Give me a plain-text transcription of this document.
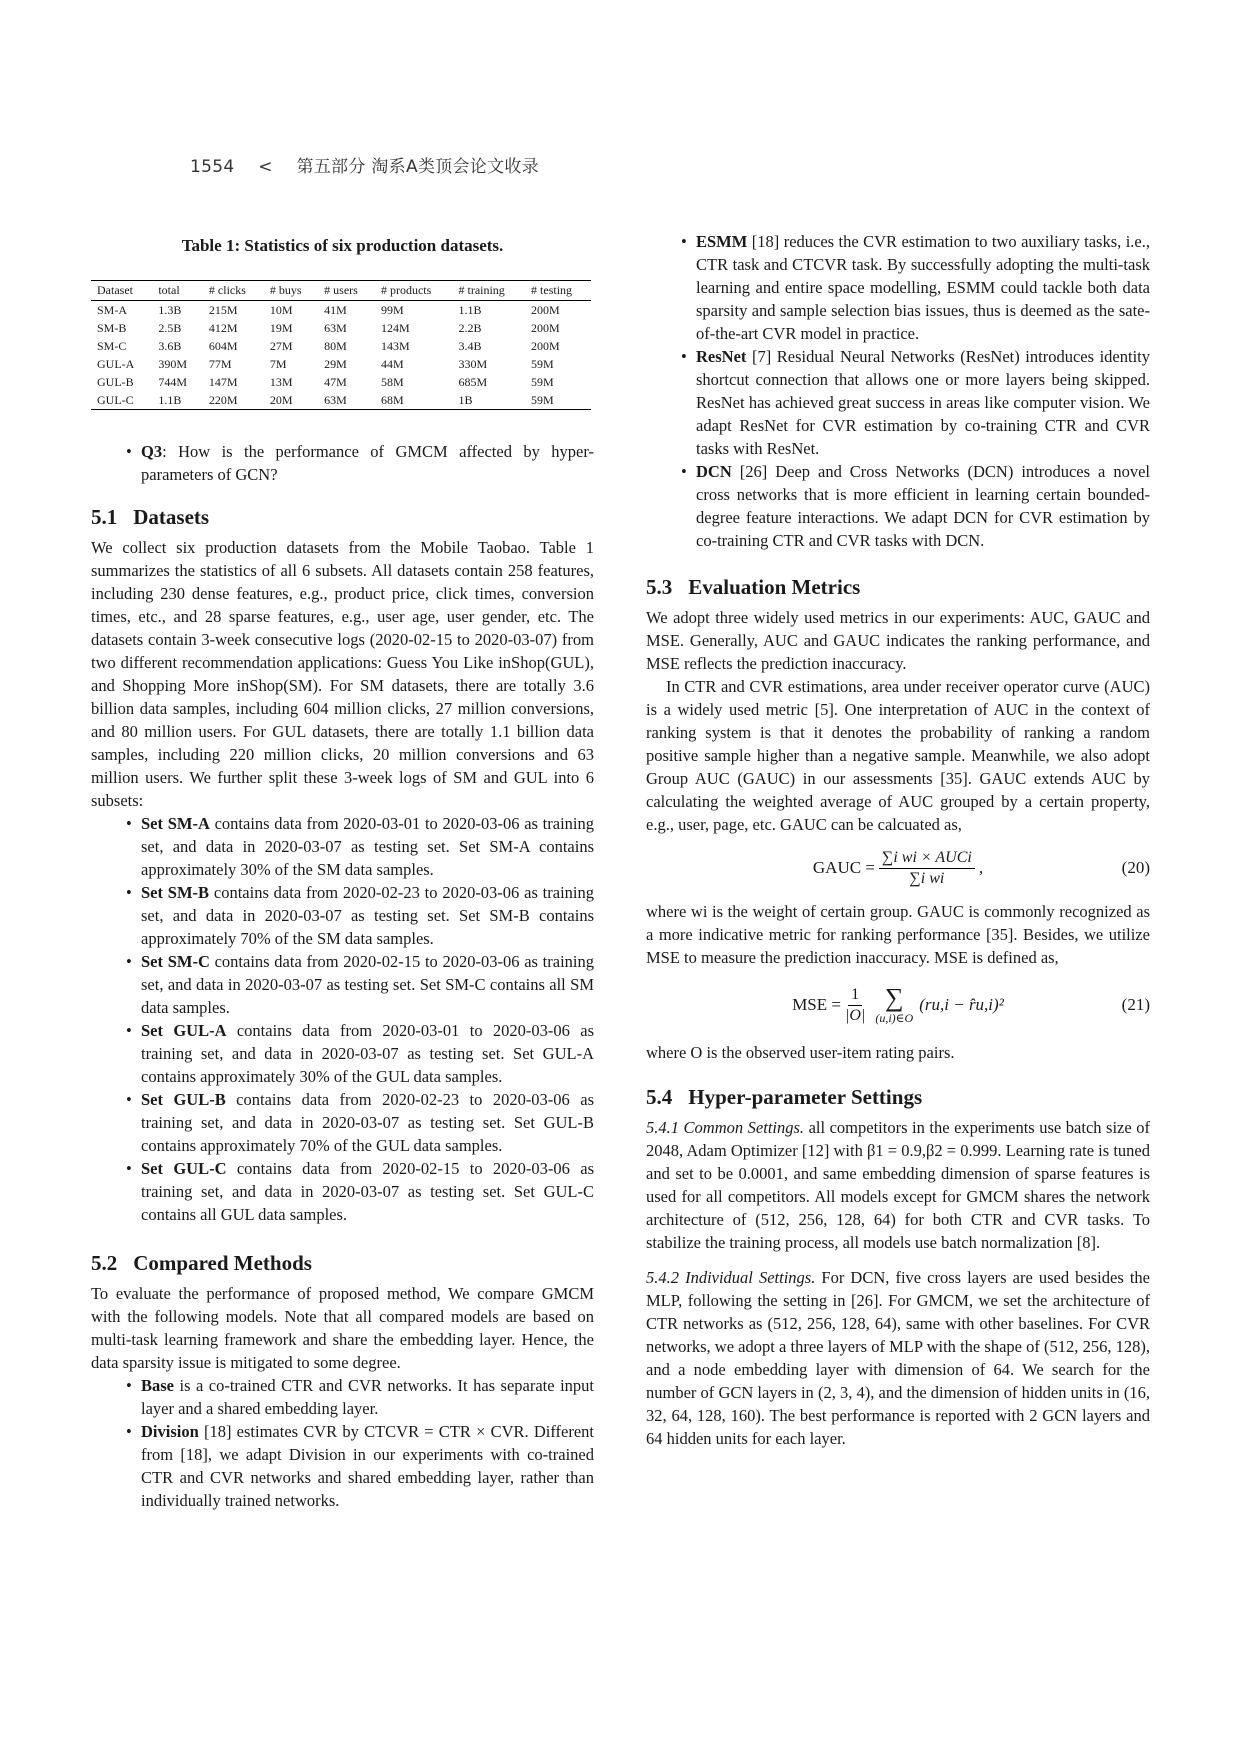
1554 < 第五部分 淘系A类顶会论文收录
Table 1: Statistics of six production datasets.
Dataset	total	# clicks	# buys	# users	# products	# training	# testing
SM-A	1.3B	215M	10M	41M	99M	1.1B	200M
SM-B	2.5B	412M	19M	63M	124M	2.2B	200M
SM-C	3.6B	604M	27M	80M	143M	3.4B	200M
GUL-A	390M	77M	7M	29M	44M	330M	59M
GUL-B	744M	147M	13M	47M	58M	685M	59M
GUL-C	1.1B	220M	20M	63M	68M	1B	59M
• Q3: How is the performance of GMCM affected by hyper-parameters of GCN?
5.1 Datasets

We collect six production datasets from the Mobile Taobao. Table 1 summarizes the statistics of all 6 subsets. All datasets contain 258 features, including 230 dense features, e.g., product price, click times, conversion times, etc., and 28 sparse features, e.g., user age, user gender, etc. The datasets contain 3-week consecutive logs (2020-02-15 to 2020-03-07) from two different recommendation applications: Guess You Like inShop(GUL), and Shopping More inShop(SM). For SM datasets, there are totally 3.6 billion data samples, including 604 million clicks, 27 million conversions, and 80 million users. For GUL datasets, there are totally 1.1 billion data samples, including 220 million clicks, 20 million conversions and 63 million users. We further split these 3-week logs of SM and GUL into 6 subsets:

• Set SM-A contains data from 2020-03-01 to 2020-03-06 as training set, and data in 2020-03-07 as testing set. Set SM-A contains approximately 30% of the SM data samples.
• Set SM-B contains data from 2020-02-23 to 2020-03-06 as training set, and data in 2020-03-07 as testing set. Set SM-B contains approximately 70% of the SM data samples.
• Set SM-C contains data from 2020-02-15 to 2020-03-06 as training set, and data in 2020-03-07 as testing set. Set SM-C contains all SM data samples.
• Set GUL-A contains data from 2020-03-01 to 2020-03-06 as training set, and data in 2020-03-07 as testing set. Set GUL-A contains approximately 30% of the GUL data samples.
• Set GUL-B contains data from 2020-02-23 to 2020-03-06 as training set, and data in 2020-03-07 as testing set. Set GUL-B contains approximately 70% of the GUL data samples.
• Set GUL-C contains data from 2020-02-15 to 2020-03-06 as training set, and data in 2020-03-07 as testing set. Set GUL-C contains all GUL data samples.
5.2 Compared Methods

To evaluate the performance of proposed method, We compare GMCM with the following models. Note that all compared models are based on multi-task learning framework and share the embedding layer. Hence, the data sparsity issue is mitigated to some degree.

• Base is a co-trained CTR and CVR networks. It has separate input layer and a shared embedding layer.
• Division [18] estimates CVR by CTCVR = CTR × CVR. Different from [18], we adapt Division in our experiments with co-trained CTR and CVR networks and shared embedding layer, rather than individually trained networks.
• ESMM [18] reduces the CVR estimation to two auxiliary tasks, i.e., CTR task and CTCVR task. By successfully adopting the multi-task learning and entire space modelling, ESMM could tackle both data sparsity and sample selection bias issues, thus is deemed as the sate-of-the-art CVR model in practice.
• ResNet [7] Residual Neural Networks (ResNet) introduces identity shortcut connection that allows one or more layers being skipped. ResNet has achieved great success in areas like computer vision. We adapt ResNet for CVR estimation by co-training CTR and CVR tasks with ResNet.
• DCN [26] Deep and Cross Networks (DCN) introduces a novel cross networks that is more efficient in learning certain bounded-degree feature interactions. We adapt DCN for CVR estimation by co-training CTR and CVR tasks with DCN.
5.3 Evaluation Metrics

We adopt three widely used metrics in our experiments: AUC, GAUC and MSE. Generally, AUC and GAUC indicates the ranking performance, and MSE reflects the prediction inaccuracy.

In CTR and CVR estimations, area under receiver operator curve (AUC) is a widely used metric [5]. One interpretation of AUC in the context of ranking system is that it denotes the probability of ranking a random positive sample higher than a negative sample. Meanwhile, we also adopt Group AUC (GAUC) in our assessments [35]. GAUC extends AUC by calculating the weighted average of AUC grouped by a certain property, e.g., user, page, etc. GAUC can be calcuated as,

GAUC = $\frac{\text{∑i wi × AUCi}}{\text{∑i wi}}$ ,	(20)

where wi is the weight of certain group. GAUC is commonly recognized as a more indicative metric for ranking performance [35]. Besides, we utilize MSE to measure the prediction inaccuracy. MSE is defined as,

MSE = $\frac{1}{|O|}$ ∑
(u,i)∈O
(ru,i − r̂u,i)²	(21)

where O is the observed user-item rating pairs.

5.4 Hyper-parameter Settings

5.4.1 Common Settings. all competitors in the experiments use batch size of 2048, Adam Optimizer [12] with β1 = 0.9,β2 = 0.999. Learning rate is tuned and set to be 0.0001, and same embedding dimension of sparse features is used for all competitors. All models except for GMCM shares the network architecture of (512, 256, 128, 64) for both CTR and CVR tasks. To stabilize the training process, all models use batch normalization [8].

5.4.2 Individual Settings. For DCN, five cross layers are used besides the MLP, following the setting in [26]. For GMCM, we set the architecture of CTR networks as (512, 256, 128, 64), same with other baselines. For CVR networks, we adopt a three layers of MLP with the shape of (512, 256, 128), and a node embedding layer with dimension of 64. We search for the number of GCN layers in (2, 3, 4), and the dimension of hidden units in (16, 32, 64, 128, 160). The best performance is reported with 2 GCN layers and 64 hidden units for each layer.
